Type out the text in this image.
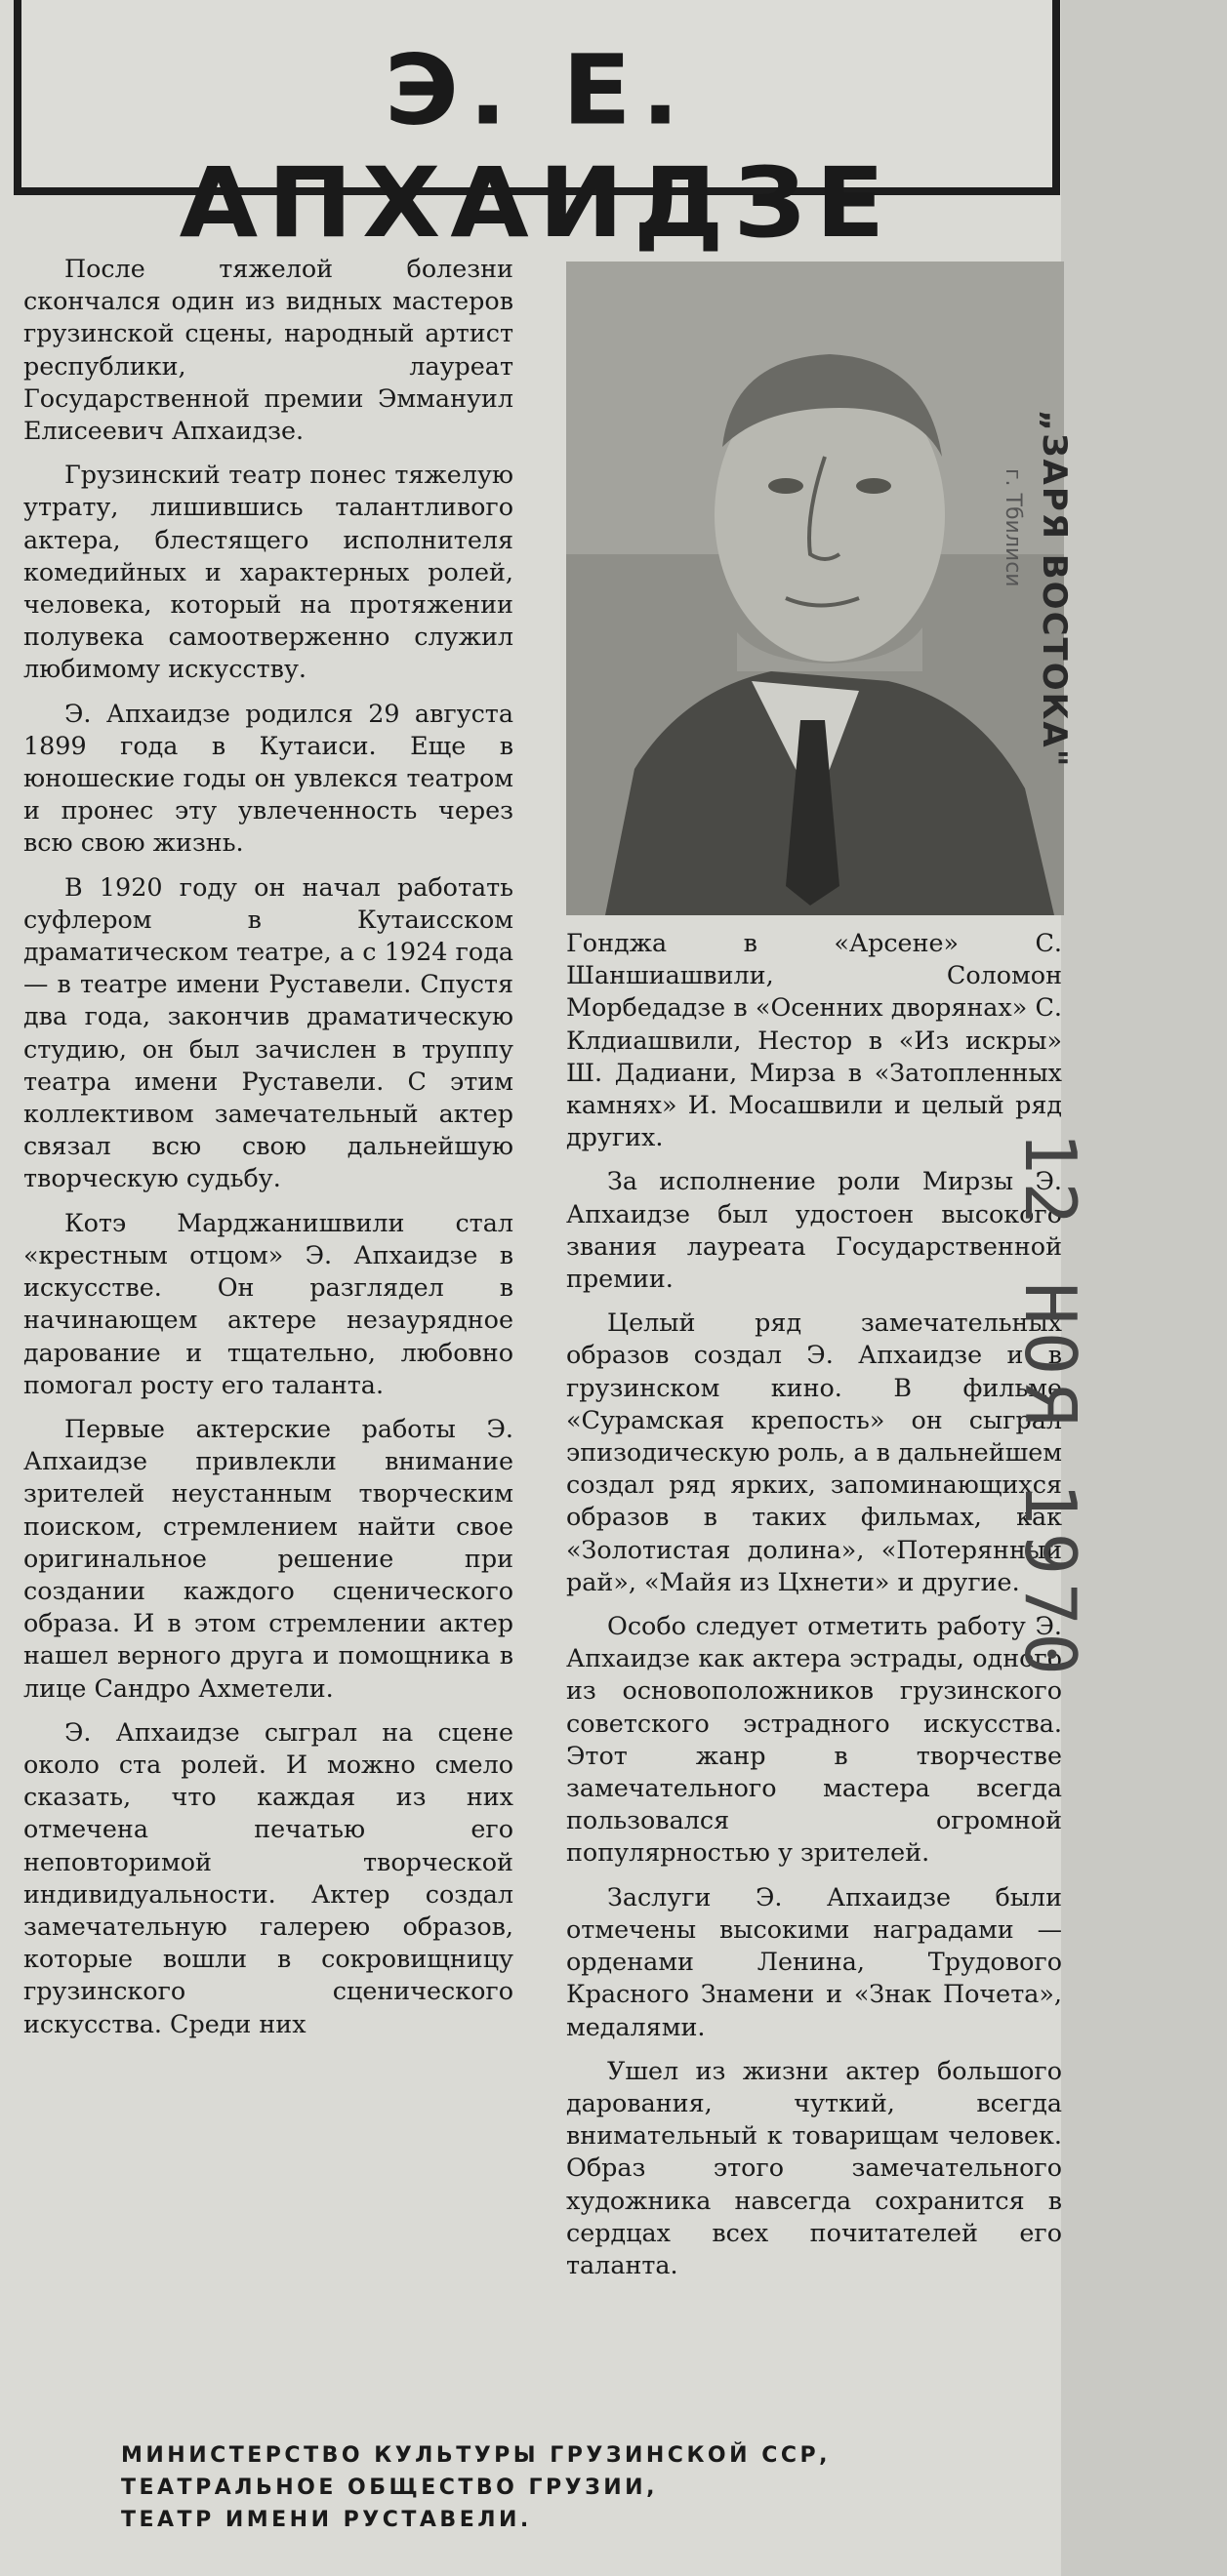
Э. Е. АПХАИДЗЕ

После тяжелой болезни скончался один из видных мастеров грузинской сцены, народный артист республики, лауреат Государственной премии Эммануил Елисеевич Апхаидзе.

Грузинский театр понес тяжелую утрату, лишившись талантливого актера, блестящего исполнителя комедийных и характерных ролей, человека, который на протяжении полувека самоотверженно служил любимому искусству.

Э. Апхаидзе родился 29 августа 1899 года в Кутаиси. Еще в юношеские годы он увлекся театром и пронес эту увлеченность через всю свою жизнь.

В 1920 году он начал работать суфлером в Кутаисском драматическом театре, а с 1924 года — в театре имени Руставели. Спустя два года, закончив драматическую студию, он был зачислен в труппу театра имени Руставели. С этим коллективом замечательный актер связал всю свою дальнейшую творческую судьбу.

Котэ Марджанишвили стал «крестным отцом» Э. Апхаидзе в искусстве. Он разглядел в начинающем актере незаурядное дарование и тщательно, любовно помогал росту его таланта.

Первые актерские работы Э. Апхаидзе привлекли внимание зрителей неустанным творческим поиском, стремлением найти свое оригинальное решение при создании каждого сценического образа. И в этом стремлении актер нашел верного друга и помощника в лице Сандро Ахметели.

Э. Апхаидзе сыграл на сцене около ста ролей. И можно смело сказать, что каждая из них отмечена печатью его неповторимой творческой индивидуальности. Актер создал замечательную галерею образов, которые вошли в сокровищницу грузинского сценического искусства. Среди них

Гонджа в «Арсене» С. Шаншиашвили, Соломон Морбедадзе в «Осенних дворянах» С. Клдиашвили, Нестор в «Из искры» Ш. Дадиани, Мирза в «Затопленных камнях» И. Мосашвили и целый ряд других.

За исполнение роли Мирзы Э. Апхаидзе был удостоен высокого звания лауреата Государственной премии.

Целый ряд замечательных образов создал Э. Апхаидзе и в грузинском кино. В фильме «Сурамская крепость» он сыграл эпизодическую роль, а в дальнейшем создал ряд ярких, запоминающихся образов в таких фильмах, как «Золотистая долина», «Потерянный рай», «Майя из Цхнети» и другие.

Особо следует отметить работу Э. Апхаидзе как актера эстрады, одного из основоположников грузинского советского эстрадного искусства. Этот жанр в творчестве замечательного мастера всегда пользовался огромной популярностью у зрителей.

Заслуги Э. Апхаидзе были отмечены высокими наградами — орденами Ленина, Трудового Красного Знамени и «Знак Почета», медалями.

Ушел из жизни актер большого дарования, чуткий, всегда внимательный к товарищам человек. Образ этого замечательного художника навсегда сохранится в сердцах всех почитателей его таланта.

МИНИСТЕРСТВО КУЛЬТУРЫ ГРУЗИНСКОЙ ССР,
ТЕАТРАЛЬНОЕ ОБЩЕСТВО ГРУЗИИ,
ТЕАТР ИМЕНИ РУСТАВЕЛИ.
„ЗАРЯ ВОСТОКА"
г. Тбилиси
12 НОЯ 1970
